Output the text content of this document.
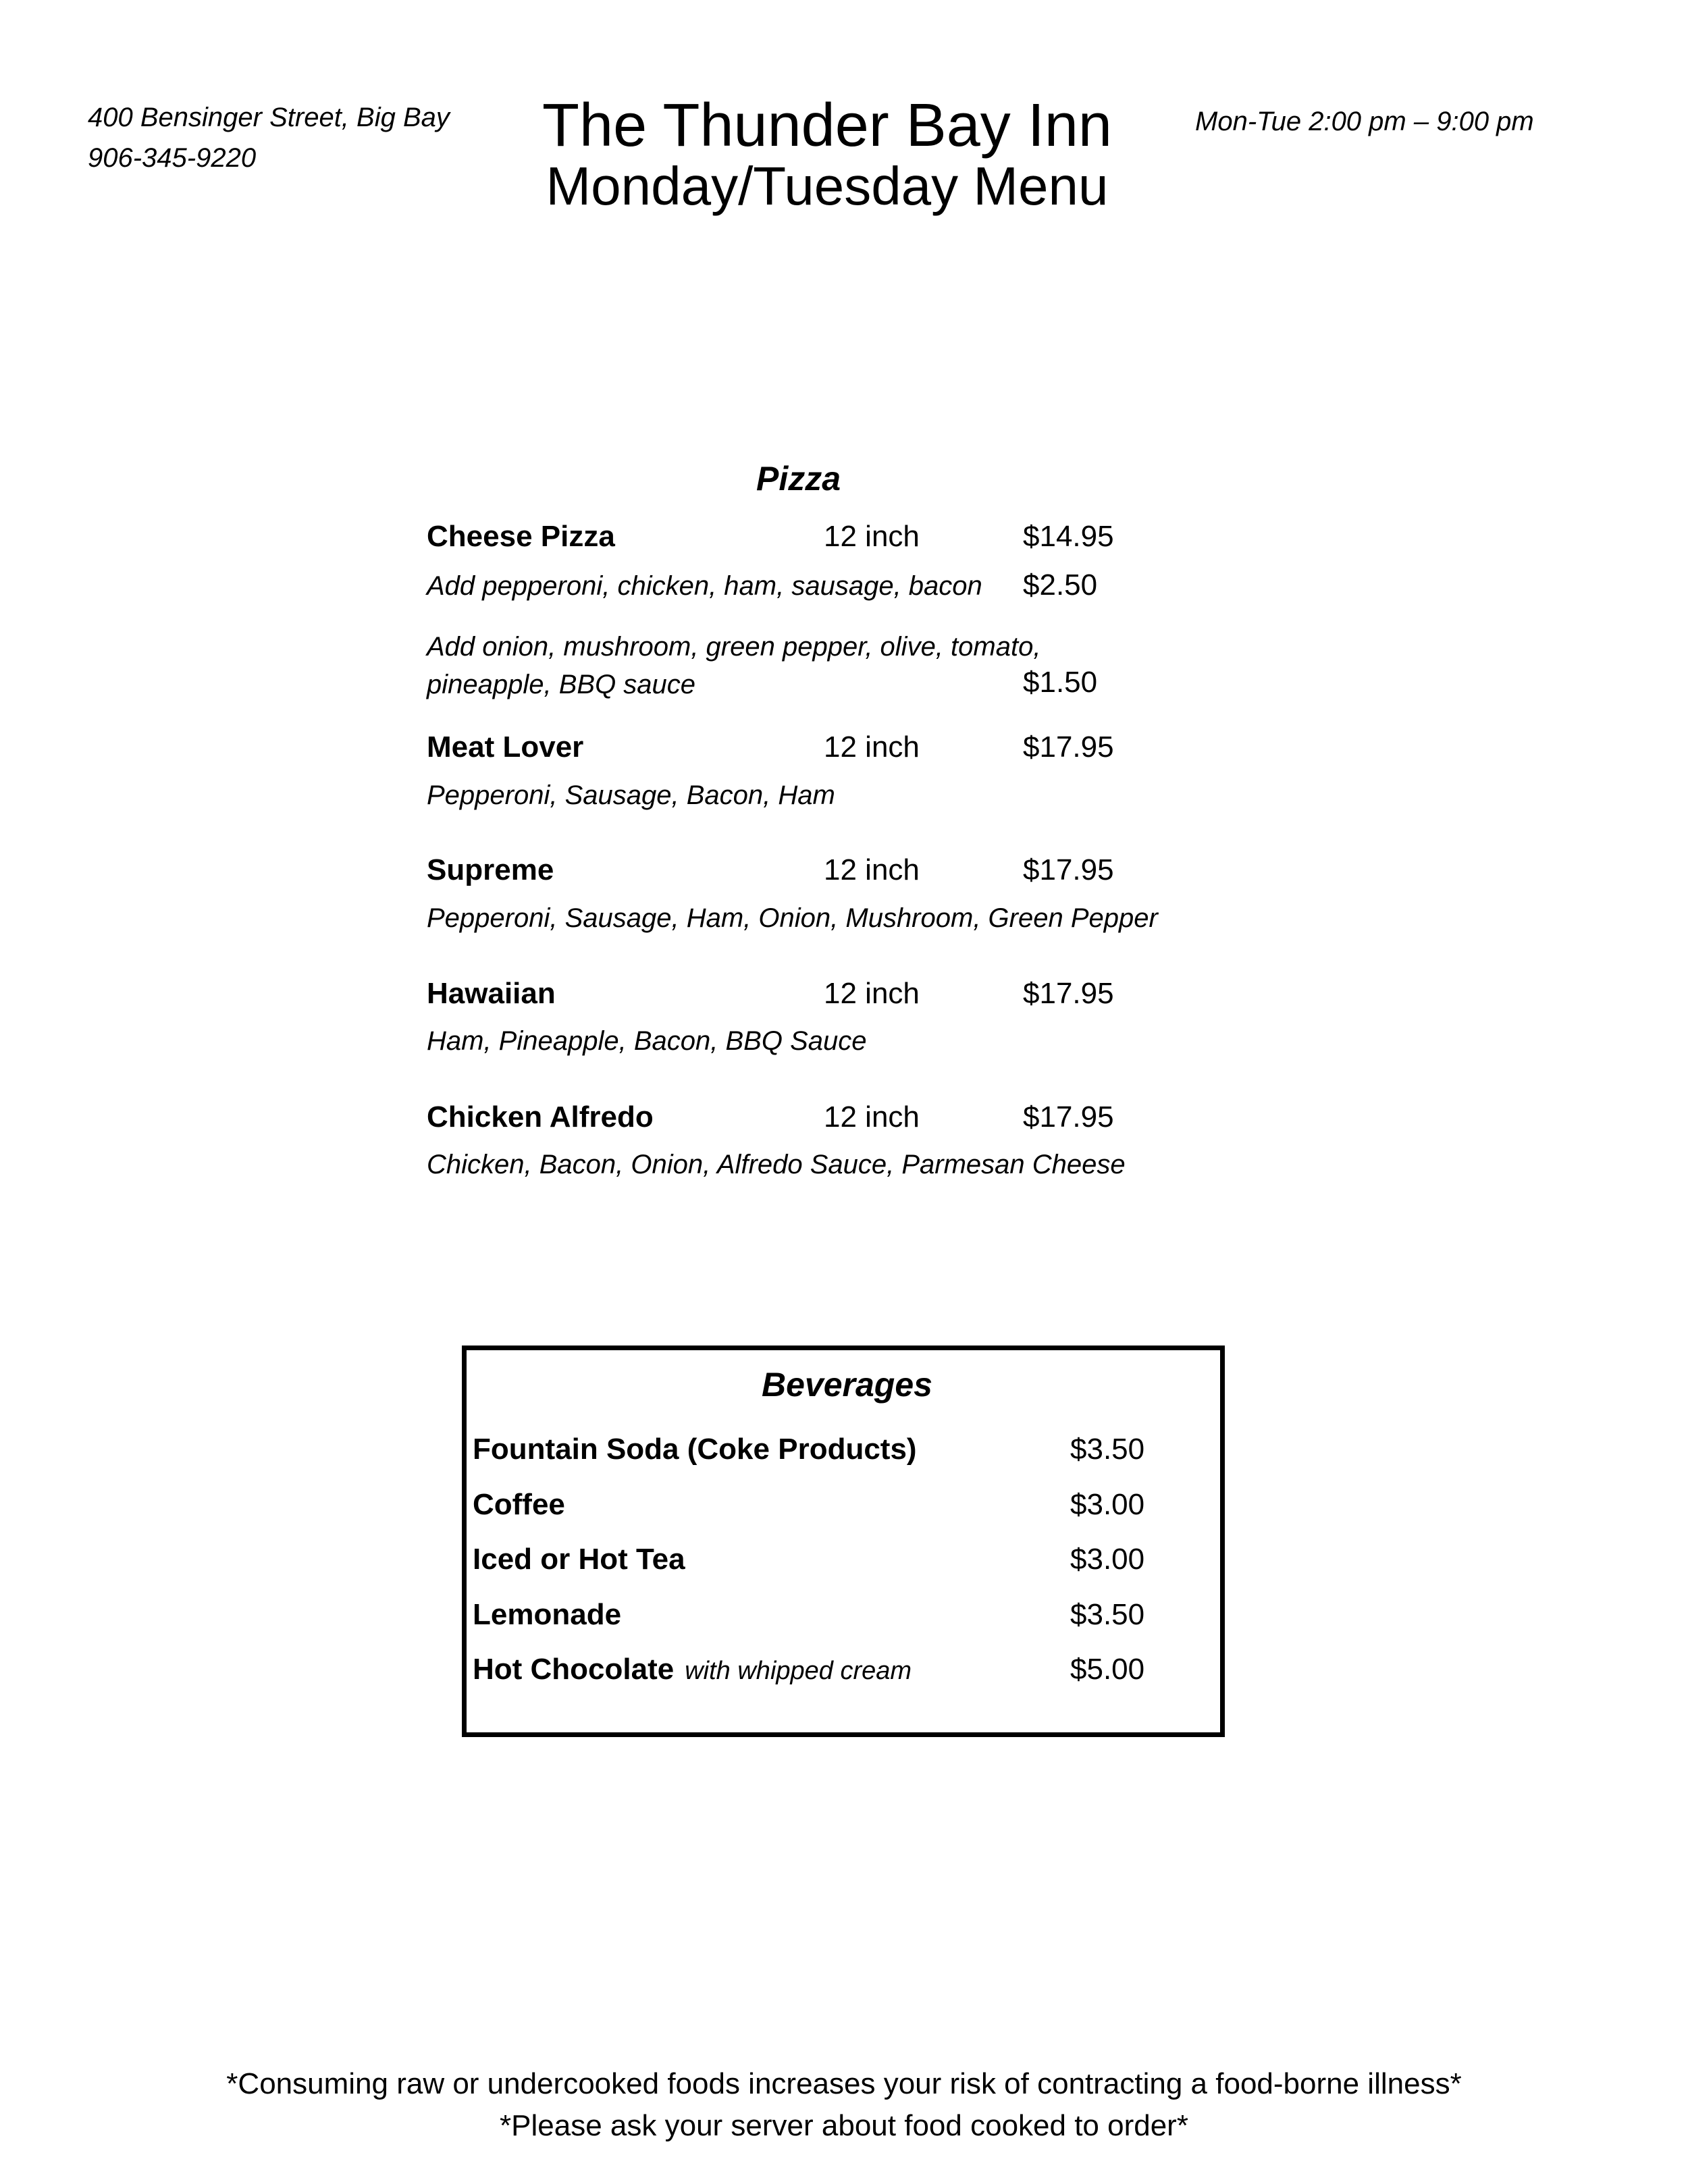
400 Bensinger Street, Big Bay
906-345-9220	The Thunder Bay Inn
Monday/Tuesday Menu
Mon-Tue 2:00 pm – 9:00 pm
Pizza
Cheese Pizza	12 inch	$14.95
Add pepperoni, chicken, ham, sausage, bacon $2.50
Add onion, mushroom, green pepper, olive, tomato,
pineapple, BBQ sauce	$1.50
Meat Lover	12 inch	$17.95
Pepperoni, Sausage, Bacon, Ham
Supreme	12 inch	$17.95
Pepperoni, Sausage, Ham, Onion, Mushroom, Green Pepper
Hawaiian	12 inch	$17.95
Ham, Pineapple, Bacon, BBQ Sauce
Chicken Alfredo	12 inch	$17.95
Chicken, Bacon, Onion, Alfredo Sauce, Parmesan Cheese
Beverages
Fountain Soda (Coke Products)	$3.50
Coffee	$3.00
Iced or Hot Tea	$3.00
Lemonade	$3.50
Hot Chocolate with whipped cream	$5.00
*Consuming raw or undercooked foods increases your risk of contracting a food-borne illness*
*Please ask your server about food cooked to order*
